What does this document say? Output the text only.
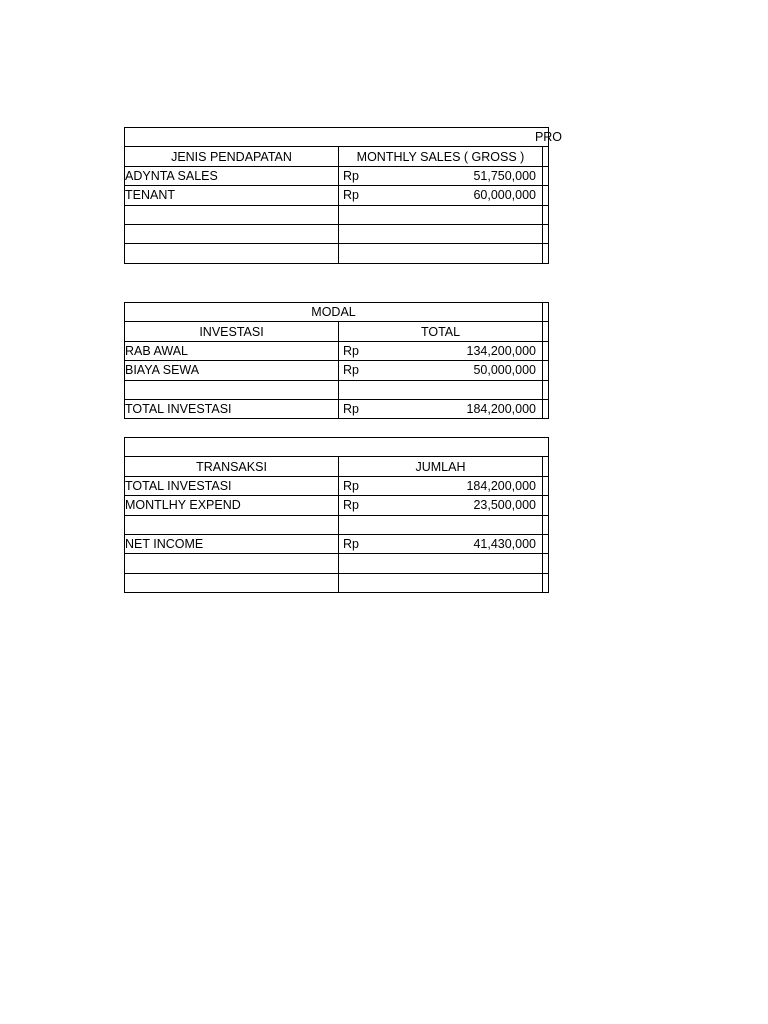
PRO		
JENIS PENDAPATAN	MONTHLY SALES ( GROSS )	
ADYNTA SALES	Rp 51,750,000	

TENANT	Rp 60,000,000	

MODAL		
INVESTASI	TOTAL	
RAB AWAL	Rp 134,200,000	

BIAYA SEWA	Rp 50,000,000	

TOTAL INVESTASI	Rp 184,200,000	

TRANSAKSI	JUMLAH	
TOTAL INVESTASI	Rp 184,200,000	

MONTLHY EXPEND	Rp 23,500,000	

NET INCOME	Rp 41,430,000	
